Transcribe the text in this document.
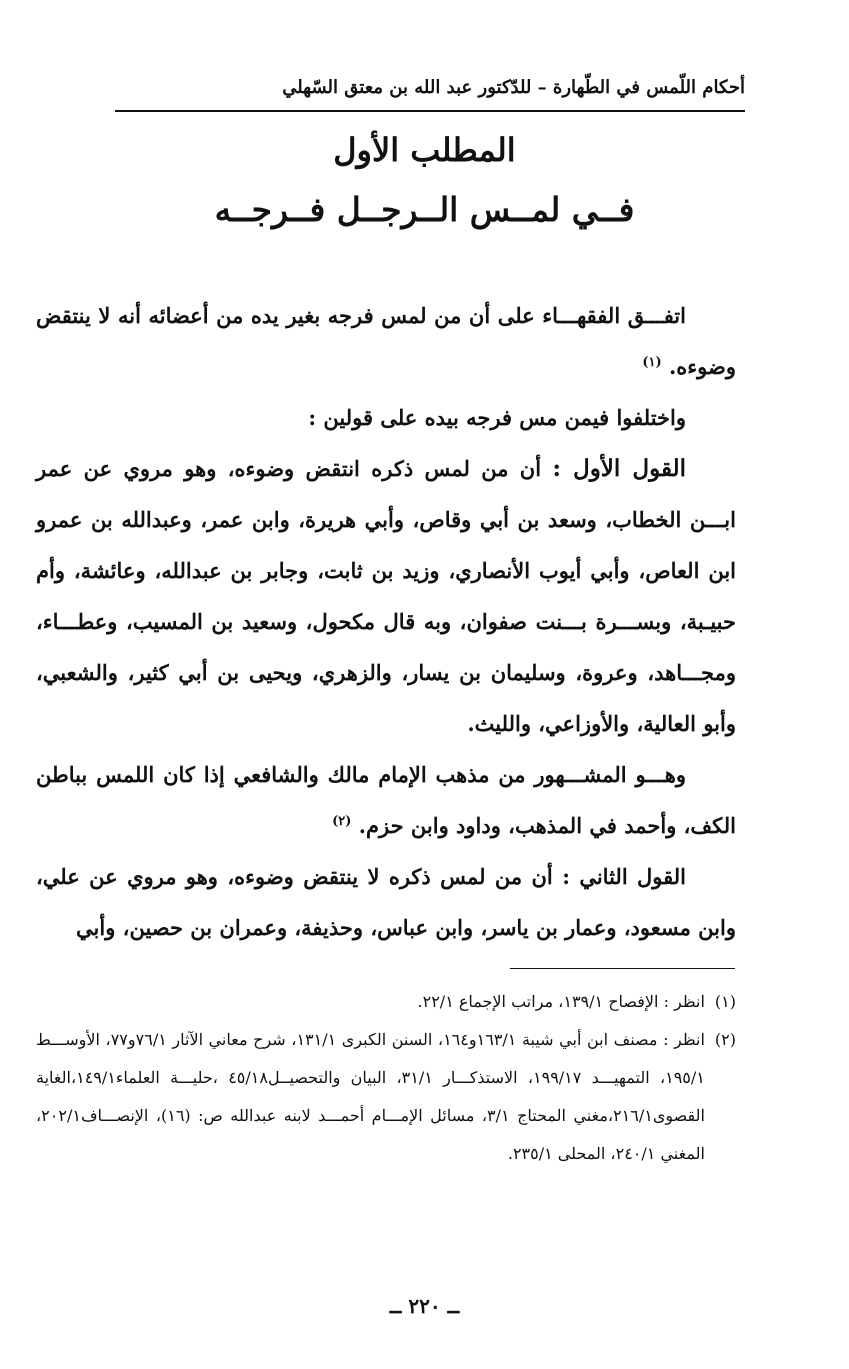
أحكام اللّمس في الطّهارة – للدّكتور عبد الله بن معتق السّهلي
المطلب الأول
فــي لمــس الــرجــل فــرجــه

اتفـــق الفقهـــاء على أن من لمس فرجه بغير يده من أعضائه أنه لا ينتقض وضوءه. $^{(١)}$

واختلفوا فيمن مس فرجه بيده على قولين :

القول الأول : أن من لمس ذكره انتقض وضوءه، وهو مروي عن عمر ابـــن الخطاب، وسعد بن أبي وقاص، وأبي هريرة، وابن عمر، وعبدالله بن عمرو ابن العاص، وأبي أيوب الأنصاري، وزيد بن ثابت، وجابر بن عبدالله، وعائشة، وأم حبيـبة، وبســـرة بـــنت صفوان، وبه قال مكحول، وسعيد بن المسيب، وعطـــاء، ومجـــاهد، وعروة، وسليمان بن يسار، والزهري، ويحيى بن أبي كثير، والشعبي، وأبو العالية، والأوزاعي، والليث.

وهـــو المشـــهور من مذهب الإمام مالك والشافعي إذا كان اللمس بباطن الكف، وأحمد في المذهب، وداود وابن حزم. $^{(٢)}$

القول الثاني : أن من لمس ذكره لا ينتقض وضوءه، وهو مروي عن علي، وابن مسعود، وعمار بن ياسر، وابن عباس، وحذيفة، وعمران بن حصين، وأبي

(١)
انظر : الإفصاح ١٣٩/١، مراتب الإجماع ٢٢/١.
(٢)
انظر : مصنف ابن أبي شيبة ١٦٣/١و١٦٤، السنن الكبرى ١٣١/١، شرح معاني الآثار ٧٦/١و٧٧، الأوســـط ١٩٥/١، التمهيـــد ١٩٩/١٧، الاستذكـــار ٣١/١، البيان والتحصيــل٤٥/١٨ ،حليـــة العلماء١٤٩/١،الغاية القصوى٢١٦/١،مغني المحتاج ٣/١، مسائل الإمـــام أحمـــد لابنه عبدالله ص: (١٦)، الإنصـــاف٢٠٢/١، المغني ٢٤٠/١، المحلى ٢٣٥/١.
ــ ٢٢٠ ــ
